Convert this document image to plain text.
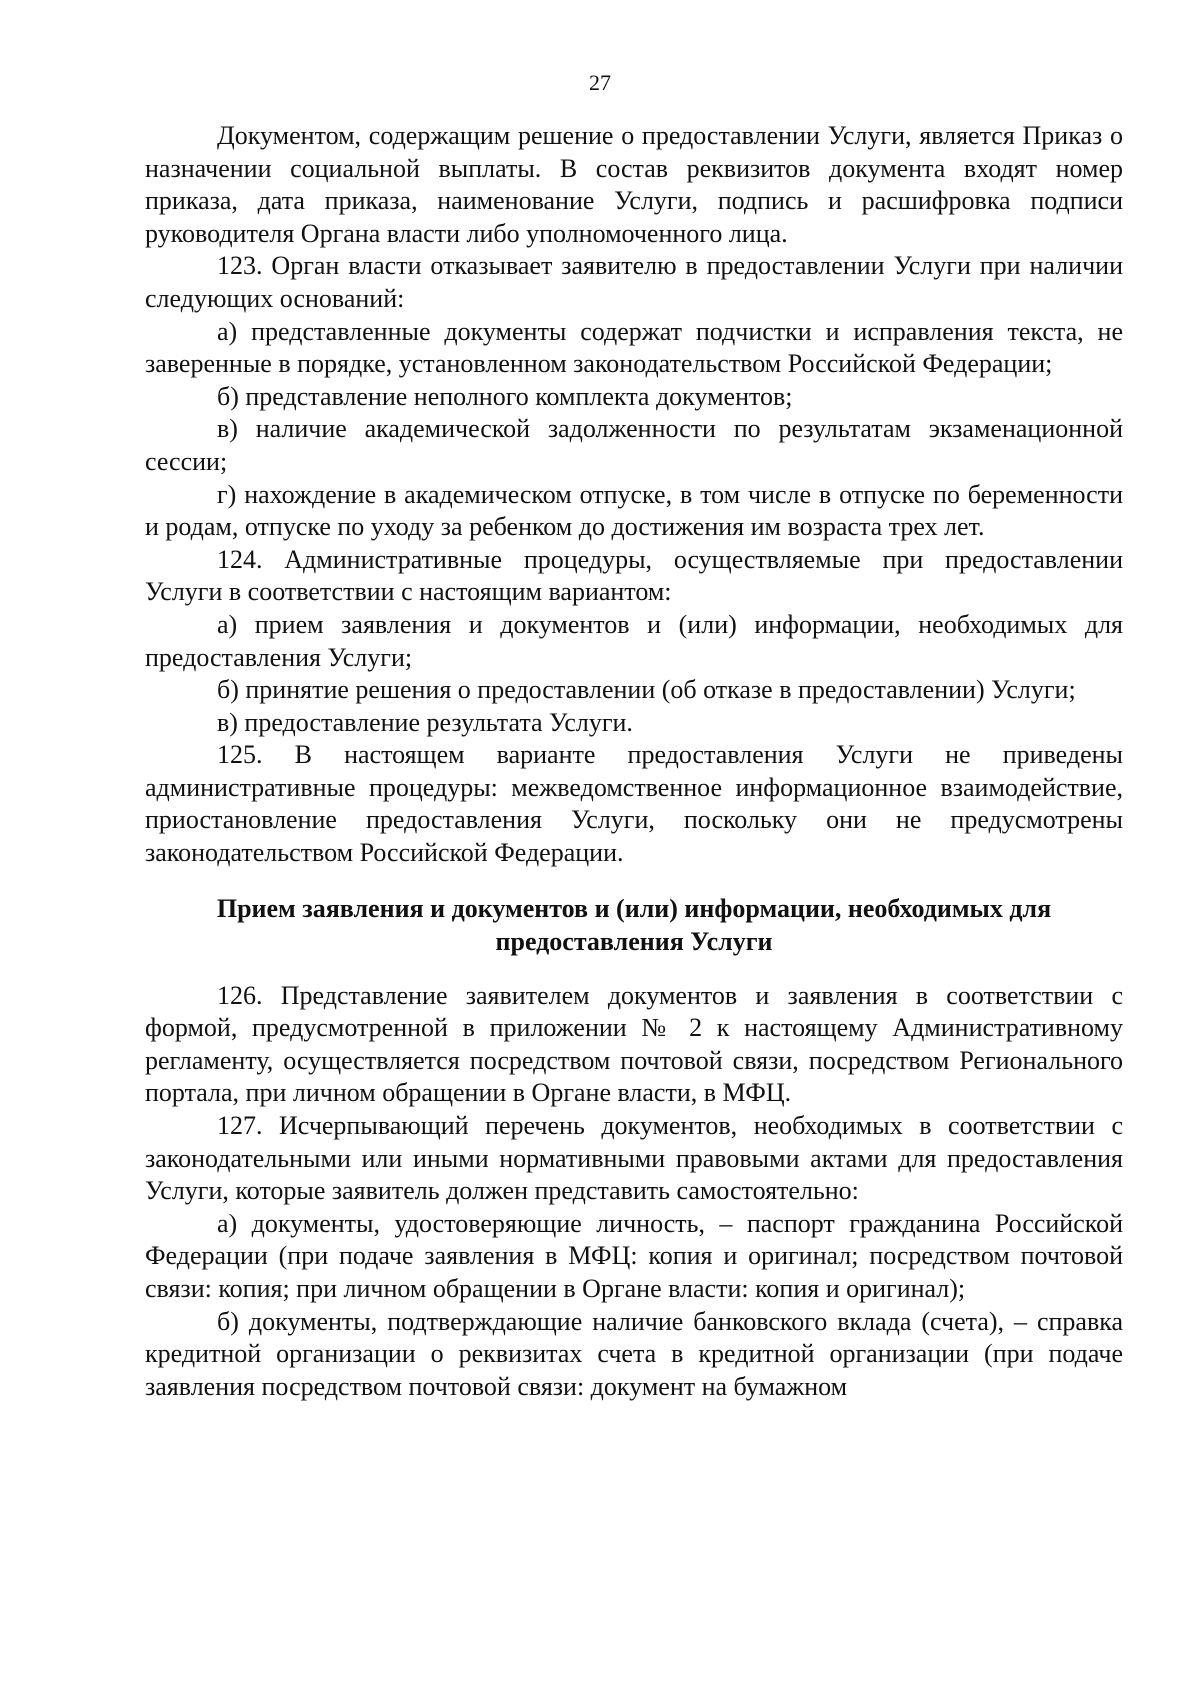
27

Документом, содержащим решение о предоставлении Услуги, является Приказ о назначении социальной выплаты. В состав реквизитов документа входят номер приказа, дата приказа, наименование Услуги, подпись и расшифровка подписи руководителя Органа власти либо уполномоченного лица.

123. Орган власти отказывает заявителю в предоставлении Услуги при наличии следующих оснований:

а) представленные документы содержат подчистки и исправления текста, не заверенные в порядке, установленном законодательством Российской Федерации;

б) представление неполного комплекта документов;

в) наличие академической задолженности по результатам экзаменационной сессии;

г) нахождение в академическом отпуске, в том числе в отпуске по беременности и родам, отпуске по уходу за ребенком до достижения им возраста трех лет.

124. Административные процедуры, осуществляемые при предоставлении Услуги в соответствии с настоящим вариантом:

а) прием заявления и документов и (или) информации, необходимых для предоставления Услуги;

б) принятие решения о предоставлении (об отказе в предоставлении) Услуги;

в) предоставление результата Услуги.

125. В настоящем варианте предоставления Услуги не приведены административные процедуры: межведомственное информационное взаимодействие, приостановление предоставления Услуги, поскольку они не предусмотрены законодательством Российской Федерации.

Прием заявления и документов и (или) информации, необходимых для предоставления Услуги

126. Представление заявителем документов и заявления в соответствии с формой, предусмотренной в приложении № 2 к настоящему Административному регламенту, осуществляется посредством почтовой связи, посредством Регионального портала, при личном обращении в Органе власти, в МФЦ.

127. Исчерпывающий перечень документов, необходимых в соответствии с законодательными или иными нормативными правовыми актами для предоставления Услуги, которые заявитель должен представить самостоятельно:

а) документы, удостоверяющие личность, – паспорт гражданина Российской Федерации (при подаче заявления в МФЦ: копия и оригинал; посредством почтовой связи: копия; при личном обращении в Органе власти: копия и оригинал);

б) документы, подтверждающие наличие банковского вклада (счета), – справка кредитной организации о реквизитах счета в кредитной организации (при подаче заявления посредством почтовой связи: документ на бумажном
